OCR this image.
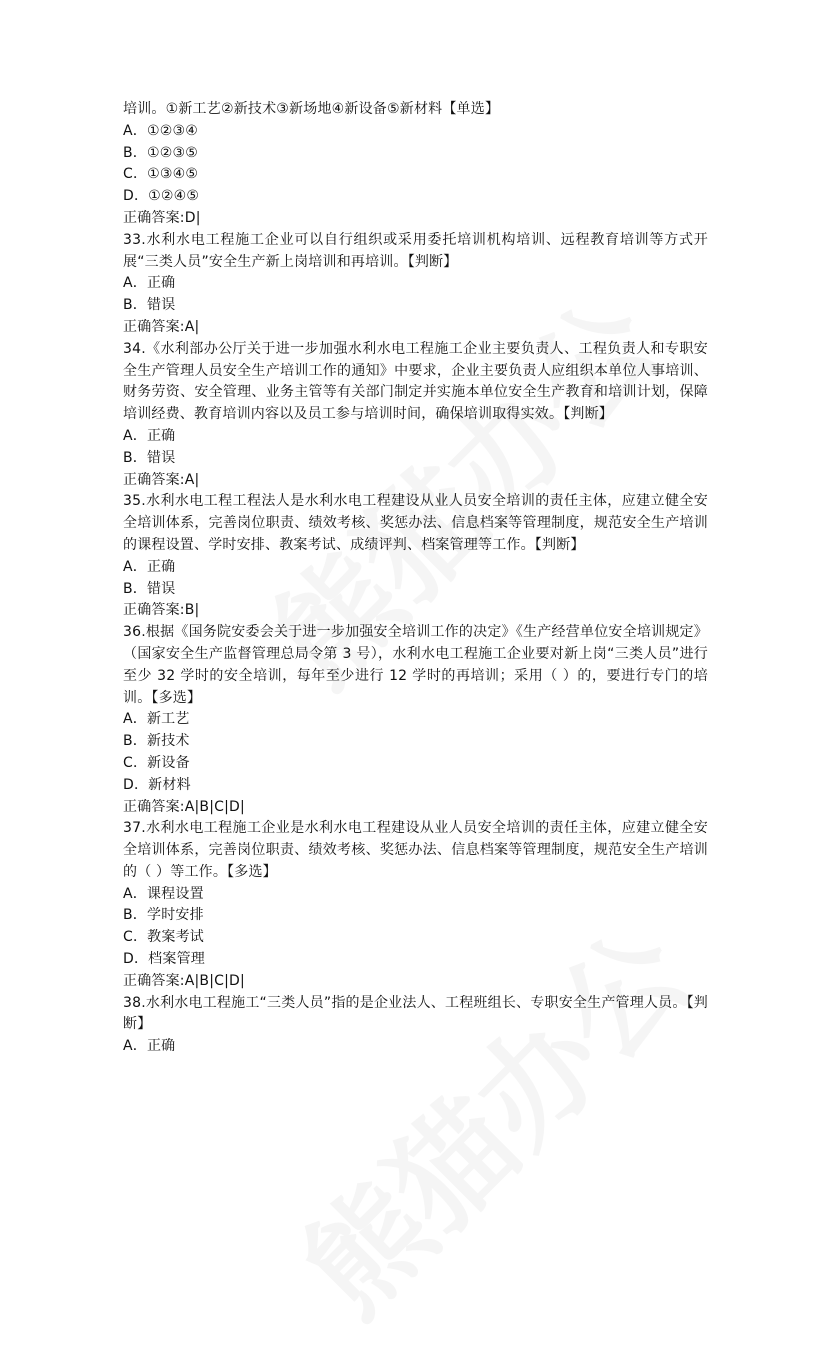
培训。①新工艺②新技术③新场地④新设备⑤新材料【单选】
A．①②③④
B．①②③⑤
C．①③④⑤
D．①②④⑤
正确答案:D|
33.水利水电工程施工企业可以自行组织或采用委托培训机构培训、远程教育培训等方式开展“三类人员”安全生产新上岗培训和再培训。【判断】
A．正确
B．错误
正确答案:A|
34.《水利部办公厅关于进一步加强水利水电工程施工企业主要负责人、工程负责人和专职安全生产管理人员安全生产培训工作的通知》中要求，企业主要负责人应组织本单位人事培训、财务劳资、安全管理、业务主管等有关部门制定并实施本单位安全生产教育和培训计划，保障培训经费、教育培训内容以及员工参与培训时间，确保培训取得实效。【判断】
A．正确
B．错误
正确答案:A|
35.水利水电工程工程法人是水利水电工程建设从业人员安全培训的责任主体，应建立健全安全培训体系，完善岗位职责、绩效考核、奖惩办法、信息档案等管理制度，规范安全生产培训的课程设置、学时安排、教案考试、成绩评判、档案管理等工作。【判断】
A．正确
B．错误
正确答案:B|
36.根据《国务院安委会关于进一步加强安全培训工作的决定》《生产经营单位安全培训规定》（国家安全生产监督管理总局令第 3 号），水利水电工程施工企业要对新上岗“三类人员”进行至少 32 学时的安全培训，每年至少进行 12 学时的再培训；采用（ ）的，要进行专门的培训。【多选】
A．新工艺
B．新技术
C．新设备
D．新材料
正确答案:A|B|C|D|
37.水利水电工程施工企业是水利水电工程建设从业人员安全培训的责任主体，应建立健全安全培训体系，完善岗位职责、绩效考核、奖惩办法、信息档案等管理制度，规范安全生产培训的（ ）等工作。【多选】
A．课程设置
B．学时安排
C．教案考试
D．档案管理
正确答案:A|B|C|D|
38.水利水电工程施工“三类人员”指的是企业法人、工程班组长、专职安全生产管理人员。【判断】
A．正确
